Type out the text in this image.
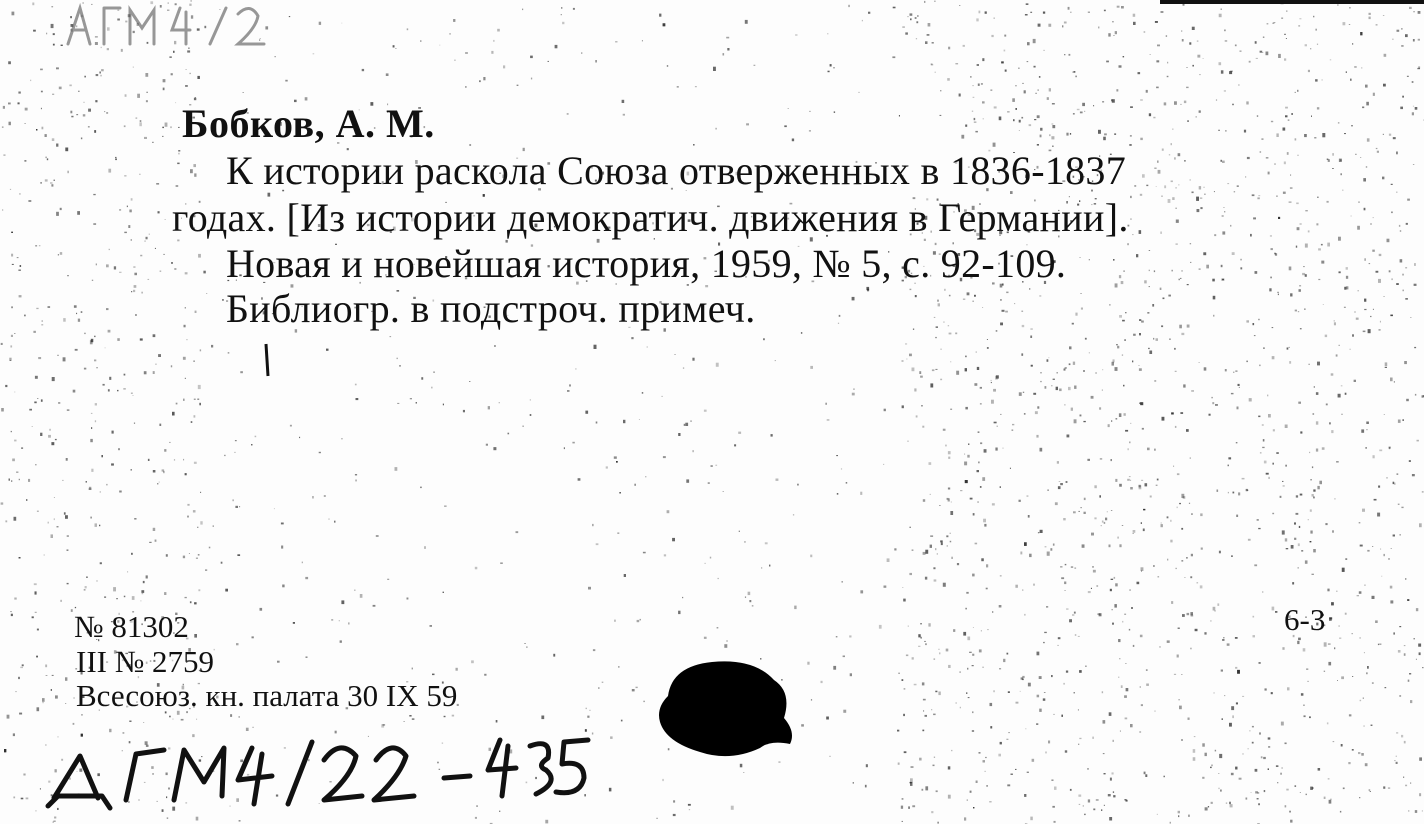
Бобков, А. М.
К истории раскола Союза отверженных в 1836-1837
годах. [Из истории демократич. движения в Германии].
Новая и новейшая история, 1959, № 5, с. 92-109.
Библиогр. в подстроч. примеч.
№ 81302
III № 2759
Всесоюз. кн. палата 30 IX 59
6-3
